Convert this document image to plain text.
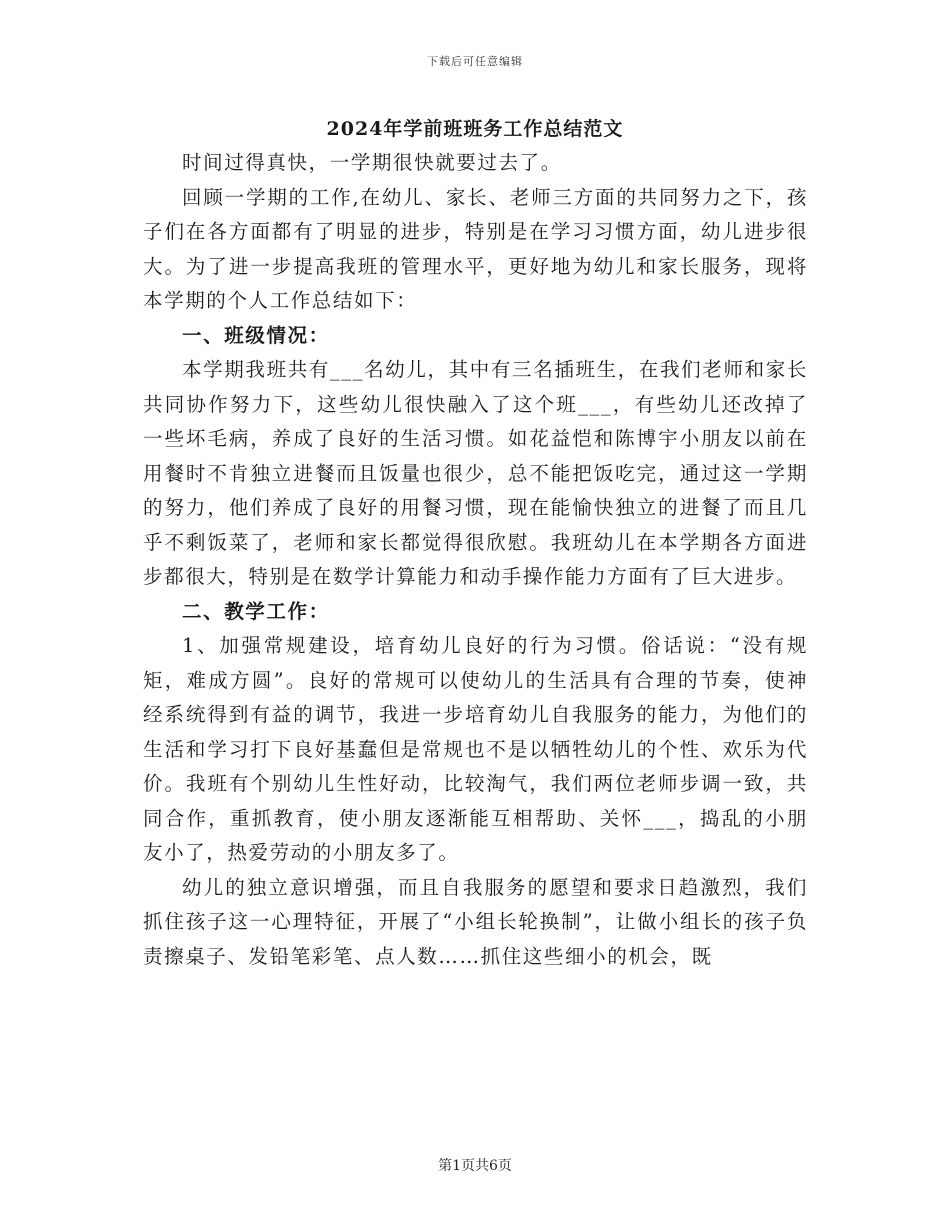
下载后可任意编辑
2024年学前班班务工作总结范文

时间过得真快，一学期很快就要过去了。

回顾一学期的工作,在幼儿、家长、老师三方面的共同努力之下，孩子们在各方面都有了明显的进步，特别是在学习习惯方面，幼儿进步很大。为了进一步提高我班的管理水平，更好地为幼儿和家长服务，现将本学期的个人工作总结如下：

一、班级情况：

本学期我班共有___名幼儿，其中有三名插班生，在我们老师和家长共同协作努力下，这些幼儿很快融入了这个班___，有些幼儿还改掉了一些坏毛病，养成了良好的生活习惯。如花益恺和陈博宇小朋友以前在用餐时不肯独立进餐而且饭量也很少，总不能把饭吃完，通过这一学期的努力，他们养成了良好的用餐习惯，现在能愉快独立的进餐了而且几乎不剩饭菜了，老师和家长都觉得很欣慰。我班幼儿在本学期各方面进步都很大，特别是在数学计算能力和动手操作能力方面有了巨大进步。

二、教学工作：

1、加强常规建设，培育幼儿良好的行为习惯。俗话说：“没有规矩，难成方圆”。良好的常规可以使幼儿的生活具有合理的节奏，使神经系统得到有益的调节，我进一步培育幼儿自我服务的能力，为他们的生活和学习打下良好基蠢但是常规也不是以牺牲幼儿的个性、欢乐为代价。我班有个别幼儿生性好动，比较淘气，我们两位老师步调一致，共同合作，重抓教育，使小朋友逐渐能互相帮助、关怀___，捣乱的小朋友小了，热爱劳动的小朋友多了。

幼儿的独立意识增强，而且自我服务的愿望和要求日趋激烈，我们抓住孩子这一心理特征，开展了“小组长轮换制”，让做小组长的孩子负责擦桌子、发铅笔彩笔、点人数……抓住这些细小的机会，既

第1页共6页
